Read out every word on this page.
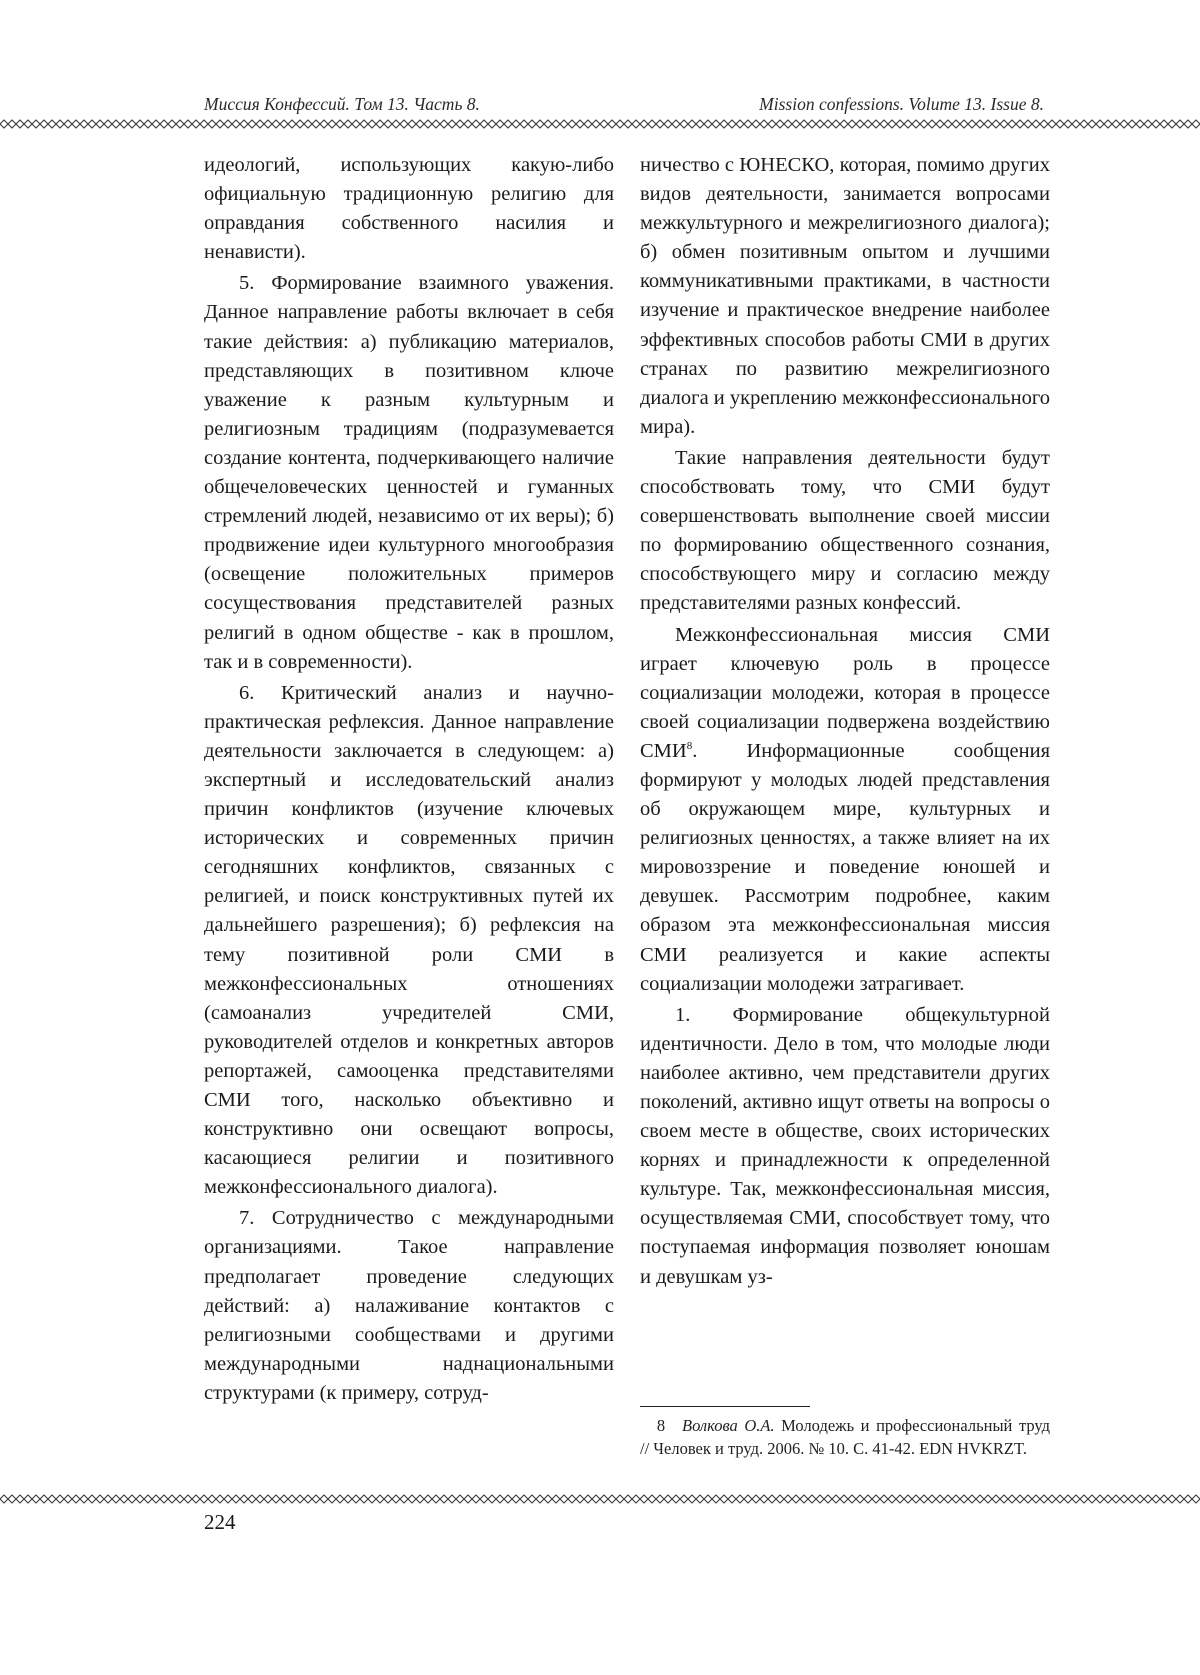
Миссия Конфессий. Том 13. Часть 8.	Mission confessions. Volume 13. Issue 8.

идеологий, использующих какую-либо официальную традиционную религию для оправдания собственного насилия и ненависти).

5. Формирование взаимного уважения. Данное направление работы включает в себя такие действия: а) публикацию материалов, представляющих в позитивном ключе уважение к разным культурным и религиозным традициям (подразумевается создание контента, подчеркивающего наличие общечеловеческих ценностей и гуманных стремлений людей, независимо от их веры); б) продвижение идеи культурного многообразия (освещение положительных примеров сосуществования представителей разных религий в одном обществе - как в прошлом, так и в современности).

6. Критический анализ и научно-практическая рефлексия. Данное направление деятельности заключается в следующем: а) экспертный и исследовательский анализ причин конфликтов (изучение ключевых исторических и современных причин сегодняшних конфликтов, связанных с религией, и поиск конструктивных путей их дальнейшего разрешения); б) рефлексия на тему позитивной роли СМИ в межконфессиональных отношениях (самоанализ учредителей СМИ, руководителей отделов и конкретных авторов репортажей, самооценка представителями СМИ того, насколько объективно и конструктивно они освещают вопросы, касающиеся религии и позитивного межконфессионального диалога).

7. Сотрудничество с международными организациями. Такое направление предполагает проведение следующих действий: а) налаживание контактов с религиозными сообществами и другими международными наднациональными структурами (к примеру, сотруд-

ничество с ЮНЕСКО, которая, помимо других видов деятельности, занимается вопросами межкультурного и межрелигиозного диалога); б) обмен позитивным опытом и лучшими коммуникативными практиками, в частности изучение и практическое внедрение наиболее эффективных способов работы СМИ в других странах по развитию межрелигиозного диалога и укреплению межконфессионального мира).

Такие направления деятельности будут способствовать тому, что СМИ будут совершенствовать выполнение своей миссии по формированию общественного сознания, способствующего миру и согласию между представителями разных конфессий.

Межконфессиональная миссия СМИ играет ключевую роль в процессе социализации молодежи, которая в процессе своей социализации подвержена воздействию СМИ$^8$. Информационные сообщения формируют у молодых людей представления об окружающем мире, культурных и религиозных ценностях, а также влияет на их мировоззрение и поведение юношей и девушек. Рассмотрим подробнее, каким образом эта межконфессиональная миссия СМИ реализуется и какие аспекты социализации молодежи затрагивает.

1. Формирование общекультурной идентичности. Дело в том, что молодые люди наиболее активно, чем представители других поколений, активно ищут ответы на вопросы о своем месте в обществе, своих исторических корнях и принадлежности к определенной культуре. Так, межконфессиональная миссия, осуществляемая СМИ, способствует тому, что поступаемая информация позволяет юношам и девушкам уз-

8 Волкова О.А. Молодежь и профессиональный труд // Человек и труд. 2006. № 10. С. 41-42. EDN HVKRZT.
224
